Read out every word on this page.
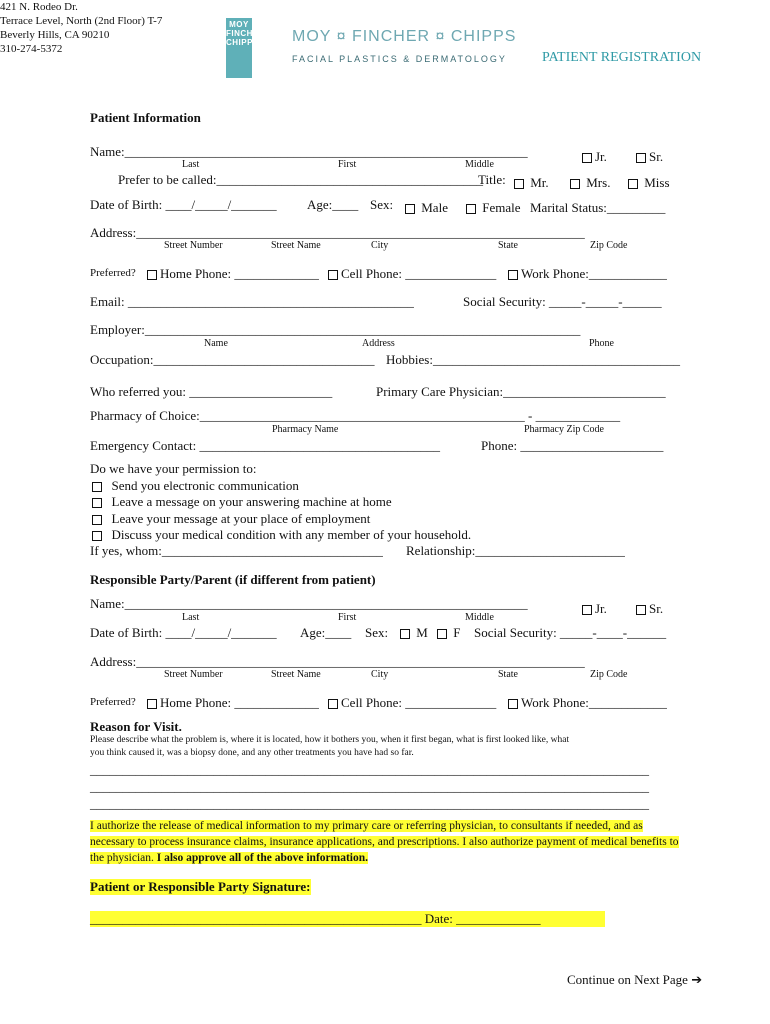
421 N. Rodeo Dr.
Terrace Level, North (2nd Floor) T-7
Beverly Hills, CA 90210
310-274-5372
MOY FINCHER CHIPPS MOY ¤ FINCHER ¤ CHIPPS
FACIAL PLASTICS & DERMATOLOGY	PATIENT REGISTRATION
Patient Information
Name:______________________________________________________________	Jr.	Sr.
Last	First	Middle
Prefer to be called:_________________________________________
Title:	Mr.	Mrs.	Miss
Date of Birth: ____/_____/_______ Age:____ Sex:	Male	Female Marital Status:_________
Address:_____________________________________________________________________
Street Number	Street Name	City	State	Zip Code
Preferred?	Home Phone: _____________	Cell Phone: ______________	Work Phone:____________
Email: ____________________________________________	Social Security: _____-_____-______
Employer:___________________________________________________________________
Name	Address	Phone
Occupation:__________________________________ Hobbies:______________________________________
Who referred you: ______________________	Primary Care Physician:_________________________
Pharmacy of Choice:__________________________________________________ - _____________
Pharmacy Name	Pharmacy Zip Code
Emergency Contact: _____________________________________	Phone: ______________________
Do we have your permission to:
Send you electronic communication
Leave a message on your answering machine at home
Leave your message at your place of employment
Discuss your medical condition with any member of your household.
If yes, whom:__________________________________ Relationship:_______________________
Responsible Party/Parent (if different from patient)
Name:______________________________________________________________	Jr.	Sr.
Last	First	Middle
Date of Birth: ____/_____/_______ Age:____ Sex:	M	F Social Security: _____-____-______
Address:_____________________________________________________________________
Street Number	Street Name	City	State	Zip Code
Preferred?	Home Phone: _____________	Cell Phone: ______________	Work Phone:____________
Reason for Visit.
Please describe what the problem is, where it is located, how it bothers you, when it first began, what is first looked like, what
you think caused it, was a biopsy done, and any other treatments you have had so far.
______________________________________________________________________________________
______________________________________________________________________________________
______________________________________________________________________________________
I authorize the release of medical information to my primary care or referring physician, to consultants if needed, and as necessary to process insurance claims, insurance applications, and prescriptions. I also authorize payment of medical benefits to the physician. I also approve all of the above information.
Patient or Responsible Party Signature:
___________________________________________________ Date: _____________
Continue on Next Page ➔
